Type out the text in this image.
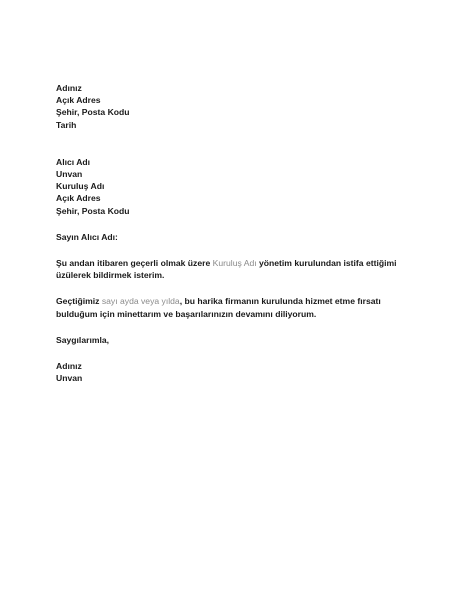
Adınız
Açık Adres
Şehir, Posta Kodu
Tarih
Alıcı Adı
Unvan
Kuruluş Adı
Açık Adres
Şehir, Posta Kodu
Sayın Alıcı Adı:
Şu andan itibaren geçerli olmak üzere Kuruluş Adı yönetim kurulundan istifa ettiğimi üzülerek bildirmek isterim.
Geçtiğimiz sayı ayda veya yılda, bu harika firmanın kurulunda hizmet etme fırsatı bulduğum için minettarım ve başarılarınızın devamını diliyorum.
Saygılarımla,
Adınız
Unvan
